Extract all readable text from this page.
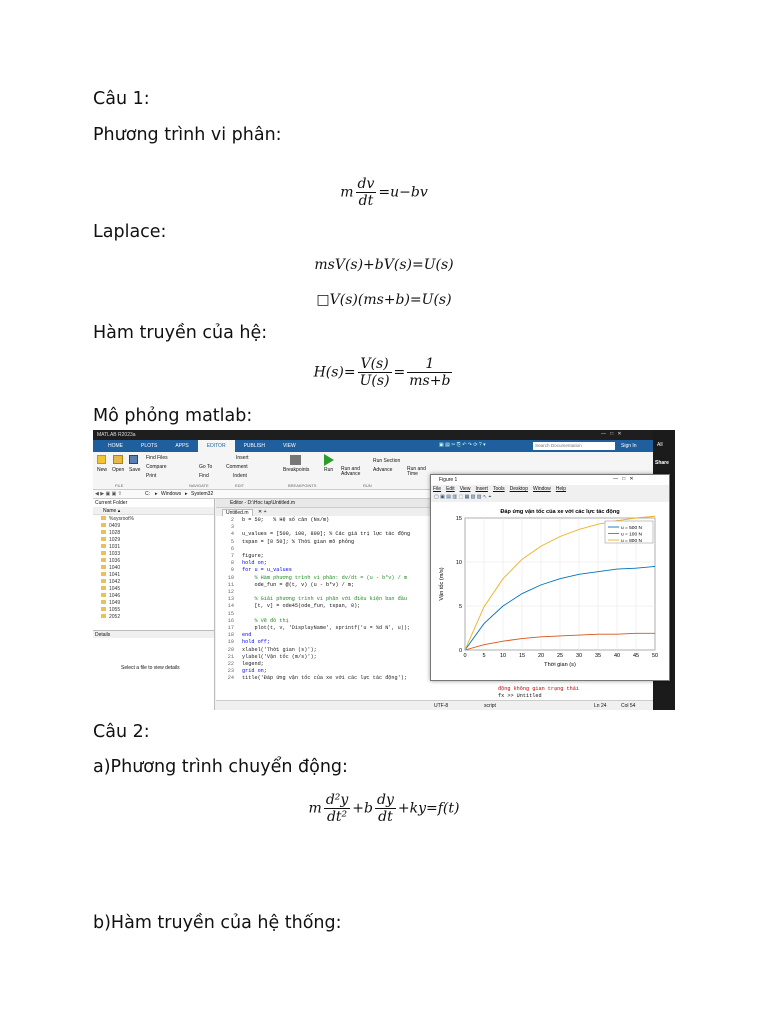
Câu 1:
Phương trình vi phân:
m $\frac{dv}{dt} =u-bv$
Laplace:
msV(s)+bV(s)=U(s)
□V(s)(ms+b)=U(s)
Hàm truyền của hệ:
$H(s)= \frac{V(s)}{U(s)} = \frac{1}{ms+b}$
Mô phỏng matlab:
MATLAB R2023a	—   □   ✕
All
Share
HOME	PLOTS	APPS	EDITOR	PUBLISH	VIEW	Search Documentation	Sign In
▣ ▤ ✂ ⎘ ↶ ↷ ⟳ ? ▾
New Open Save
Find Files
Compare
Print
Go To
Find
Insert
Comment
Indent
Breakpoints	Run Run and Advance
Run Section
Advance	Run and Time
FILE	NAVIGATE	EDIT	BREAKPOINTS	RUN
◀ ▶ ▣ ▣ ⇧	C: ▸ Windows ▸ System32
Current Folder
Name ▴
%sysroot%
0409
1028
1029
1031
1033
1036
1040
1041
1042
1045
1046
1049
1055
2052
Details
Select a file to view details
Editor - D:\Hoc tap\Untitled.m
Untitled.m	✕ +
2 b = 50;   % Hệ số cản (Ns/m)
3
4 u_values = [500, 100, 800]; % Các giá trị lực tác động
5 tspan = [0 50]; % Thời gian mô phỏng
6
7 figure;
8 hold on;
9 for u = u_values
10    % Hàm phương trình vi phân: dv/dt = (u - b*v) / m
11    ode_fun = @(t, v) (u - b*v) / m;
12
13    % Giải phương trình vi phân với điều kiện ban đầu
14    [t, v] = ode45(ode_fun, tspan, 0);
15
16    % Vẽ đồ thị
17    plot(t, v, 'DisplayName', sprintf('u = %d N', u));
18 end
19 hold off;
20 xlabel('Thời gian (s)');
21 ylabel('Vận tốc (m/s)');
22 legend;
23 grid on;
24 title('Đáp ứng vận tốc của xe với các lực tác động');
động không gian trạng thái
fx >> Untitled
UTF-8	script	Ln 24	Col 54
Figure 1	—   □   ✕
File Edit View Insert Tools Desktop Window Help
▢ ▣ ▤ ▥ ⬚ ▦ ▧ ▨ ↖ ⌖
0	5	10 15 20 25 30 35 40 45 50
0
5
10
15
Đáp ứng vận tốc của xe với các lực tác động
Thời gian (s)
Vận tốc (m/s)
u = 500 N
u = 100 N
u = 800 N
Câu 2:
a)Phương trình chuyển động:
m $\frac{\text{d²y}}{\text{dt²}} +b \frac{dy}{dt} +ky=f(t)$
b)Hàm truyền của hệ thống:
